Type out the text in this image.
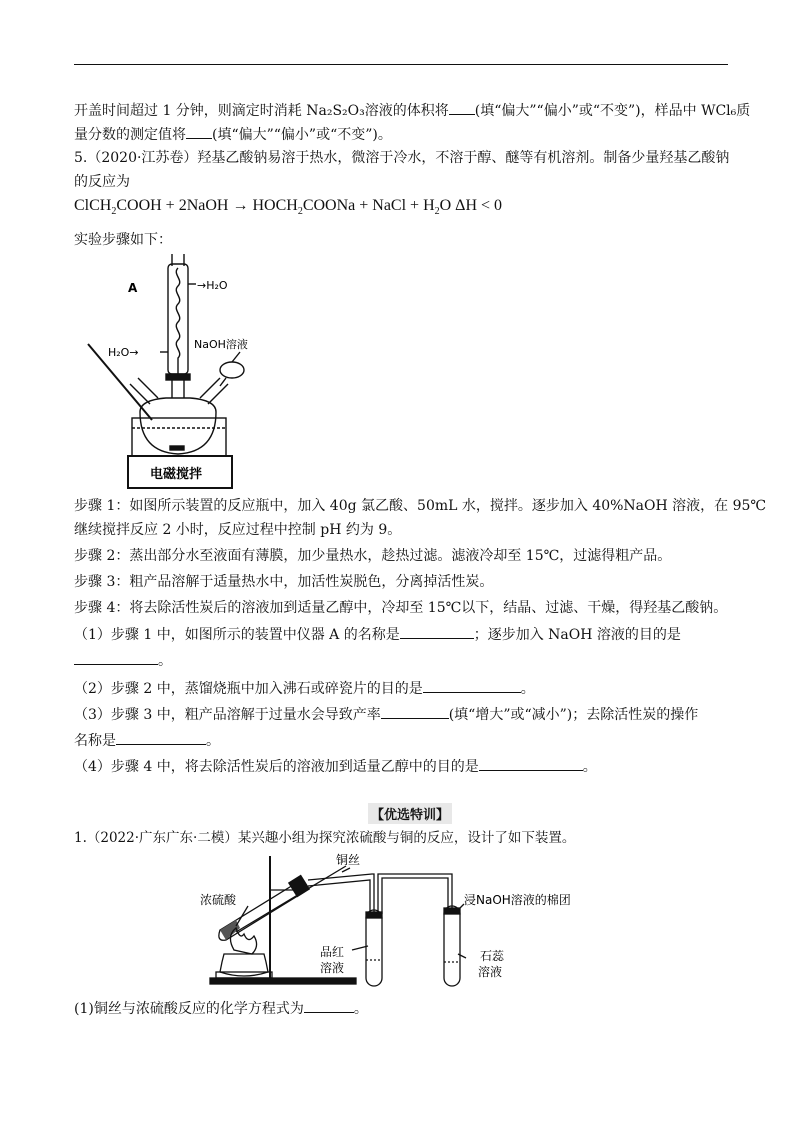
开盖时间超过 1 分钟，则滴定时消耗 Na₂S₂O₃溶液的体积将 (填“偏大”“偏小”或“不变”)，样品中 WCl₆质
量分数的测定值将 (填“偏大”“偏小”或“不变”)。
5.（2020·江苏卷）羟基乙酸钠易溶于热水，微溶于冷水，不溶于醇、醚等有机溶剂。制备少量羟基乙酸钠
的反应为
ClCH$_2$COOH + 2NaOH → $HOCH_2COONa$ + NaCl + $H_2O$ ΔH < 0
实验步骤如下：
A	→H₂O
H₂O→
NaOH溶液
电磁搅拌
步骤 1：如图所示装置的反应瓶中，加入 40g 氯乙酸、50mL 水，搅拌。逐步加入 40%NaOH 溶液，在 95℃
继续搅拌反应 2 小时，反应过程中控制 pH 约为 9。
步骤 2：蒸出部分水至液面有薄膜，加少量热水，趁热过滤。滤液冷却至 15℃，过滤得粗产品。
步骤 3：粗产品溶解于适量热水中，加活性炭脱色，分离掉活性炭。
步骤 4：将去除活性炭后的溶液加到适量乙醇中，冷却至 15℃以下，结晶、过滤、干燥，得羟基乙酸钠。
（1）步骤 1 中，如图所示的装置中仪器 A 的名称是	；逐步加入 NaOH 溶液的目的是
。
（2）步骤 2 中，蒸馏烧瓶中加入沸石或碎瓷片的目的是	。
（3）步骤 3 中，粗产品溶解于过量水会导致产率	(填“增大”或“减小”)；去除活性炭的操作
名称是	。
（4）步骤 4 中，将去除活性炭后的溶液加到适量乙醇中的目的是	。
【优选特训】
1.（2022·广东广东·二模）某兴趣小组为探究浓硫酸与铜的反应，设计了如下装置。
铜丝
浓硫酸	浸NaOH溶液的棉团
品红
溶液
石蕊
溶液
(1)铜丝与浓硫酸反应的化学方程式为	。
